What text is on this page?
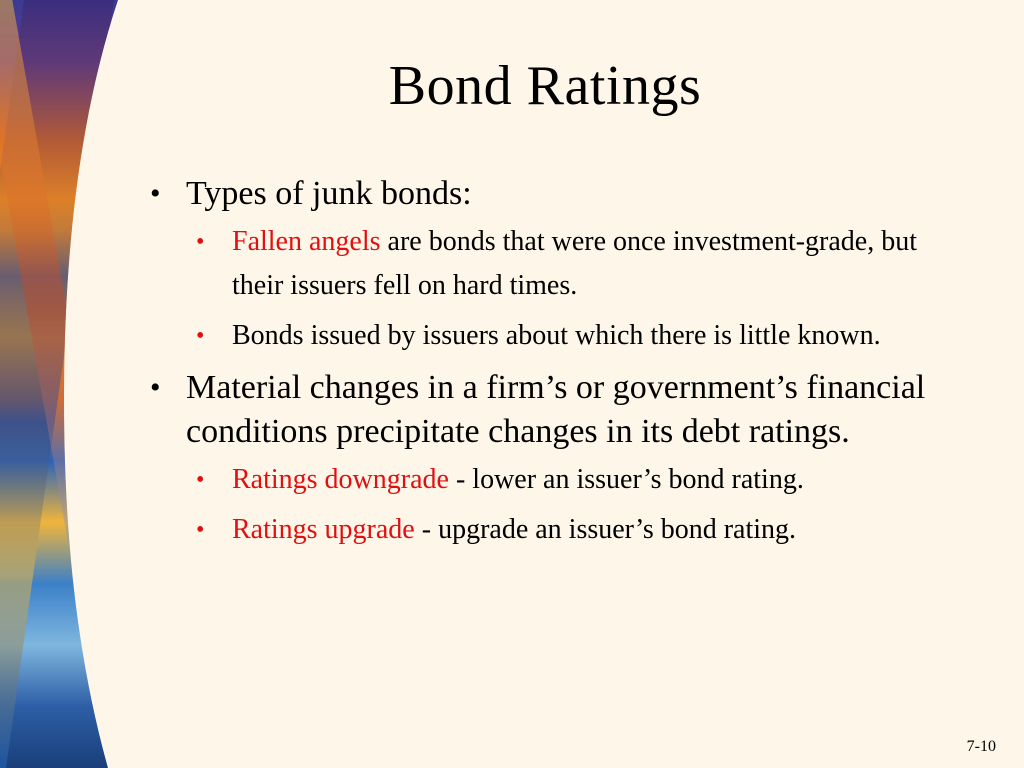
Bond Ratings
• Types of junk bonds:
• Fallen angels are bonds that were once investment-grade, but their issuers fell on hard times.
• Bonds issued by issuers about which there is little known.
• Material changes in a firm’s or government’s financial conditions precipitate changes in its debt ratings.
• Ratings downgrade - lower an issuer’s bond rating.
• Ratings upgrade - upgrade an issuer’s bond rating.
7-10
